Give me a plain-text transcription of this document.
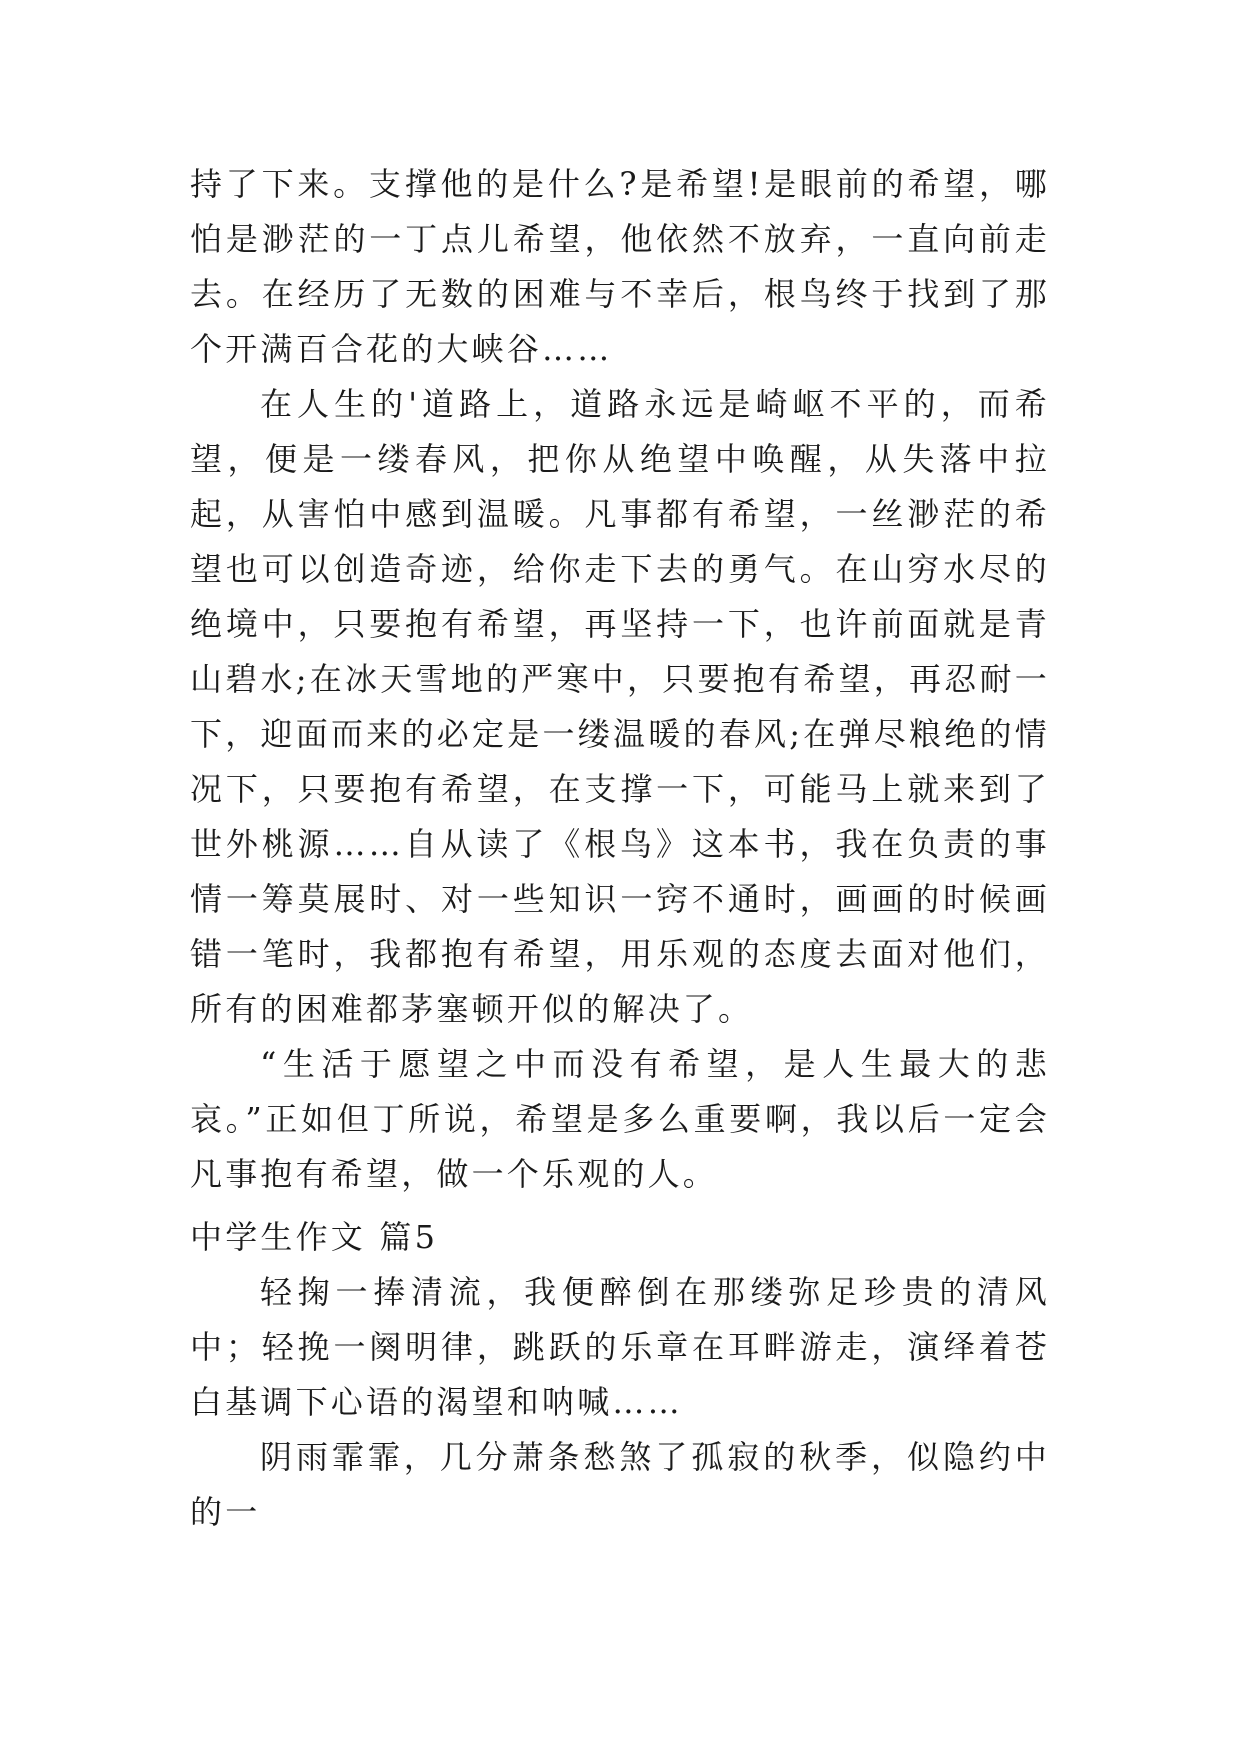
持了下来。支撑他的是什么?是希望!是眼前的希望，哪怕是渺茫的一丁点儿希望，他依然不放弃，一直向前走去。在经历了无数的困难与不幸后，根鸟终于找到了那个开满百合花的大峡谷……

在人生的'道路上，道路永远是崎岖不平的，而希望，便是一缕春风，把你从绝望中唤醒，从失落中拉起，从害怕中感到温暖。凡事都有希望，一丝渺茫的希望也可以创造奇迹，给你走下去的勇气。在山穷水尽的绝境中，只要抱有希望，再坚持一下，也许前面就是青山碧水;在冰天雪地的严寒中，只要抱有希望，再忍耐一下，迎面而来的必定是一缕温暖的春风;在弹尽粮绝的情况下，只要抱有希望，在支撑一下，可能马上就来到了世外桃源……自从读了《根鸟》这本书，我在负责的事情一筹莫展时、对一些知识一窍不通时，画画的时候画错一笔时，我都抱有希望，用乐观的态度去面对他们，所有的困难都茅塞顿开似的解决了。

“生活于愿望之中而没有希望，是人生最大的悲哀。”正如但丁所说，希望是多么重要啊，我以后一定会凡事抱有希望，做一个乐观的人。

中学生作文 篇5

轻掬一捧清流，我便醉倒在那缕弥足珍贵的清风中；轻挽一阕明律，跳跃的乐章在耳畔游走，演绎着苍白基调下心语的渴望和呐喊……

阴雨霏霏，几分萧条愁煞了孤寂的秋季，似隐约中的一
